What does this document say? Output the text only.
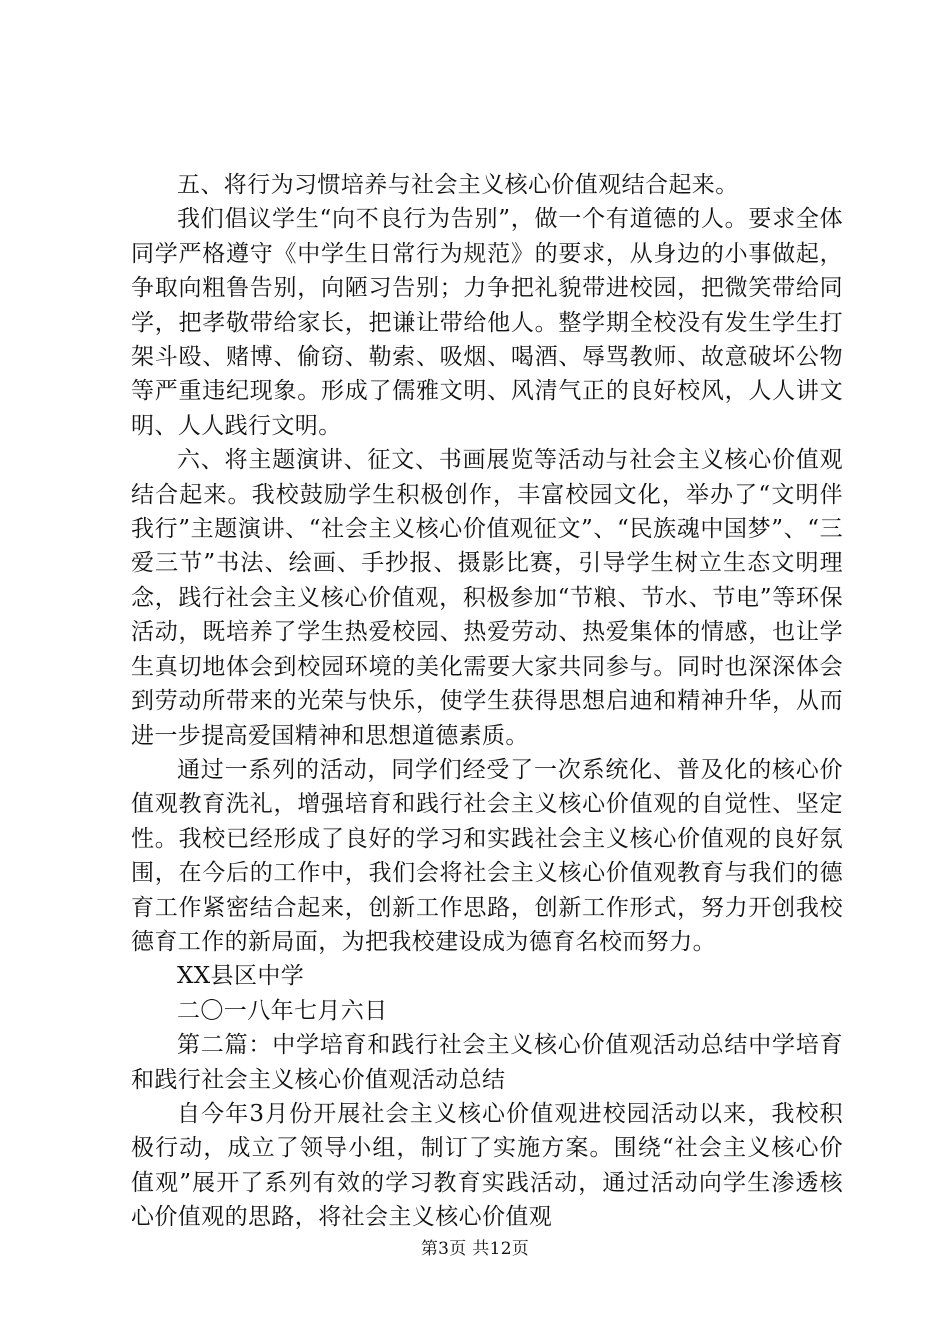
五、将行为习惯培养与社会主义核心价值观结合起来。

我们倡议学生“向不良行为告别”，做一个有道德的人。要求全体同学严格遵守《中学生日常行为规范》的要求，从身边的小事做起，争取向粗鲁告别，向陋习告别；力争把礼貌带进校园，把微笑带给同学，把孝敬带给家长，把谦让带给他人。整学期全校没有发生学生打架斗殴、赌博、偷窃、勒索、吸烟、喝酒、辱骂教师、故意破坏公物等严重违纪现象。形成了儒雅文明、风清气正的良好校风，人人讲文明、人人践行文明。

六、将主题演讲、征文、书画展览等活动与社会主义核心价值观结合起来。我校鼓励学生积极创作，丰富校园文化，举办了“文明伴我行”主题演讲、“社会主义核心价值观征文”、“民族魂中国梦”、“三爱三节”书法、绘画、手抄报、摄影比赛，引导学生树立生态文明理念，践行社会主义核心价值观，积极参加“节粮、节水、节电”等环保活动，既培养了学生热爱校园、热爱劳动、热爱集体的情感，也让学生真切地体会到校园环境的美化需要大家共同参与。同时也深深体会到劳动所带来的光荣与快乐，使学生获得思想启迪和精神升华，从而进一步提高爱国精神和思想道德素质。

通过一系列的活动，同学们经受了一次系统化、普及化的核心价值观教育洗礼，增强培育和践行社会主义核心价值观的自觉性、坚定性。我校已经形成了良好的学习和实践社会主义核心价值观的良好氛围，在今后的工作中，我们会将社会主义核心价值观教育与我们的德育工作紧密结合起来，创新工作思路，创新工作形式，努力开创我校德育工作的新局面，为把我校建设成为德育名校而努力。

XX县区中学

二〇一八年七月六日

第二篇：中学培育和践行社会主义核心价值观活动总结中学培育和践行社会主义核心价值观活动总结

自今年3月份开展社会主义核心价值观进校园活动以来，我校积极行动，成立了领导小组，制订了实施方案。围绕“社会主义核心价值观”展开了系列有效的学习教育实践活动，通过活动向学生渗透核心价值观的思路，将社会主义核心价值观

第3页 共12页
